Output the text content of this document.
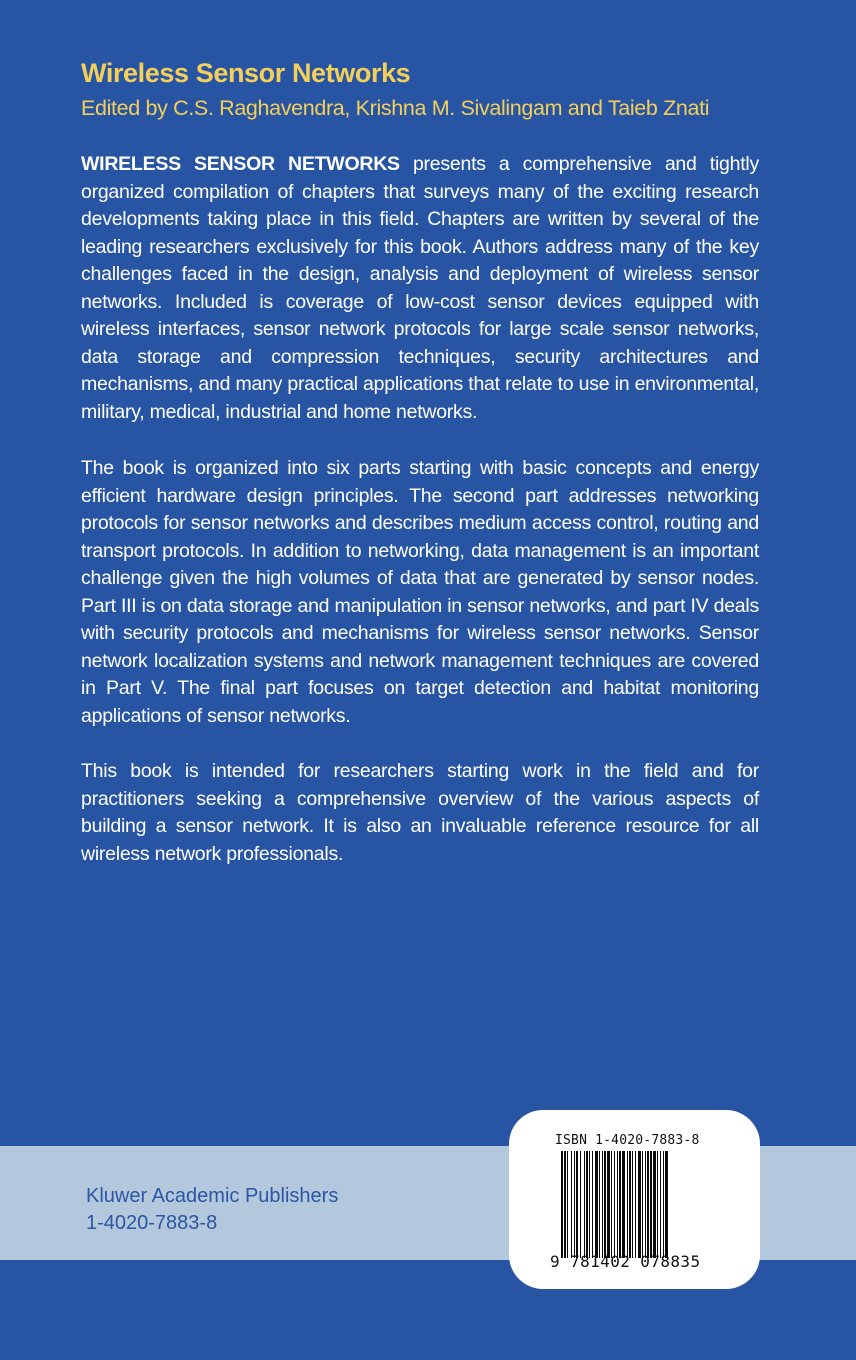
Wireless Sensor Networks

Edited by C.S. Raghavendra, Krishna M. Sivalingam and Taieb Znati

WIRELESS SENSOR NETWORKS presents a comprehensive and tightly organized compilation of chapters that surveys many of the exciting research developments taking place in this field. Chapters are written by several of the leading researchers exclusively for this book. Authors address many of the key challenges faced in the design, analysis and deployment of wireless sensor networks. Included is coverage of low-cost sensor devices equipped with wireless interfaces, sensor network protocols for large scale sensor networks, data storage and compression techniques, security architectures and mechanisms, and many practical applications that relate to use in environmental, military, medical, industrial and home networks.

The book is organized into six parts starting with basic concepts and energy efficient hardware design principles. The second part addresses networking protocols for sensor networks and describes medium access control, routing and transport protocols. In addition to networking, data management is an important challenge given the high volumes of data that are generated by sensor nodes. Part III is on data storage and manipulation in sensor networks, and part IV deals with security protocols and mechanisms for wireless sensor networks. Sensor network localization systems and network management techniques are covered in Part V. The final part focuses on target detection and habitat monitoring applications of sensor networks.

This book is intended for researchers starting work in the field and for practitioners seeking a comprehensive overview of the various aspects of building a sensor network. It is also an invaluable reference resource for all wireless network professionals.

Kluwer Academic Publishers

1-4020-7883-8

ISBN 1-4020-7883-8

9 781402 078835
